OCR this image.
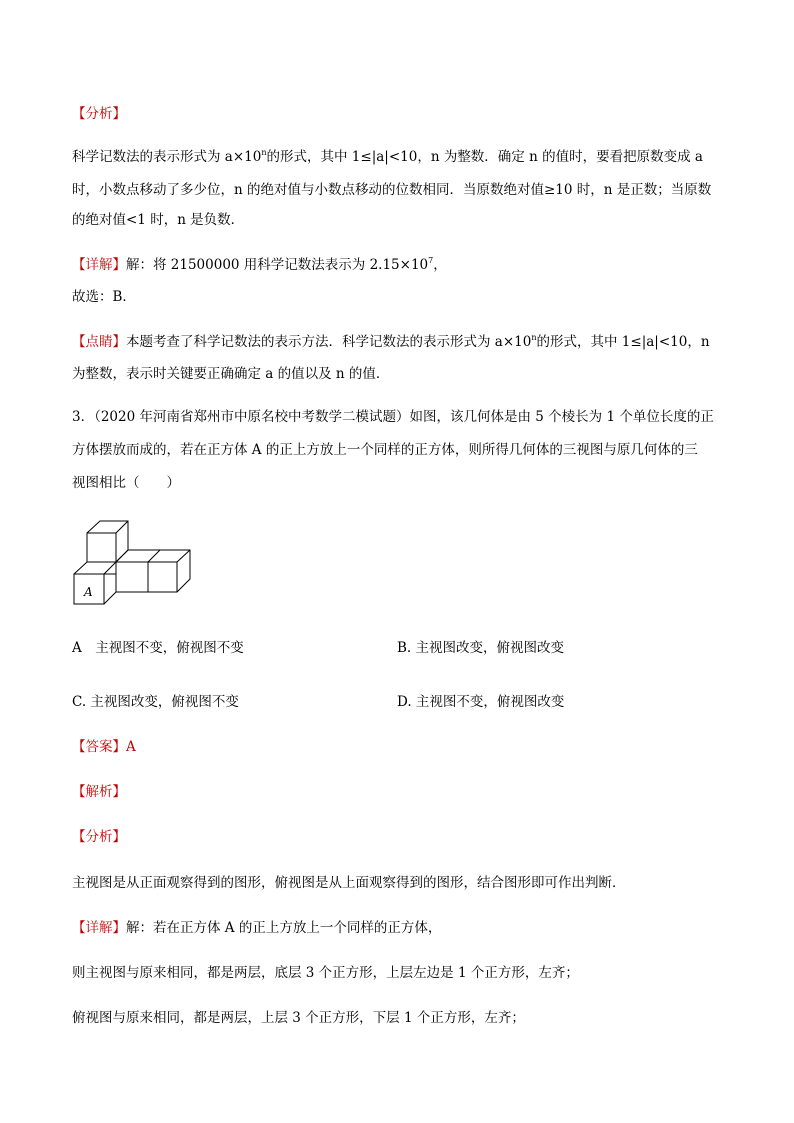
【分析】
科学记数法的表示形式为 $a\times 10^n$的形式，其中 1≤|a|<10，n 为整数．确定 n 的值时，要看把原数变成 a
时，小数点移动了多少位，n 的绝对值与小数点移动的位数相同．当原数绝对值≥10 时，n 是正数；当原数
的绝对值<1 时，n 是负数．
【详解】解：将 21500000 用科学记数法表示为 $2.15\times 10^7$，
故选：B．
【点睛】本题考查了科学记数法的表示方法．科学记数法的表示形式为 $a\times 10^n$的形式，其中 1≤|a|<10，n
为整数，表示时关键要正确确定 a 的值以及 n 的值．
3．（2020 年河南省郑州市中原名校中考数学二模试题）如图，该几何体是由 5 个棱长为 1 个单位长度的正
方体摆放而成的，若在正方体 A 的正上方放上一个同样的正方体，则所得几何体的三视图与原几何体的三
视图相比（　　）
A
A　主视图不变，俯视图不变	B. 主视图改变，俯视图改变
C. 主视图改变，俯视图不变	D. 主视图不变，俯视图改变
【答案】A
【解析】
【分析】
主视图是从正面观察得到的图形，俯视图是从上面观察得到的图形，结合图形即可作出判断．
【详解】解：若在正方体 A 的正上方放上一个同样的正方体，
则主视图与原来相同，都是两层，底层 3 个正方形，上层左边是 1 个正方形，左齐；
俯视图与原来相同，都是两层，上层 3 个正方形，下层 1 个正方形，左齐；
